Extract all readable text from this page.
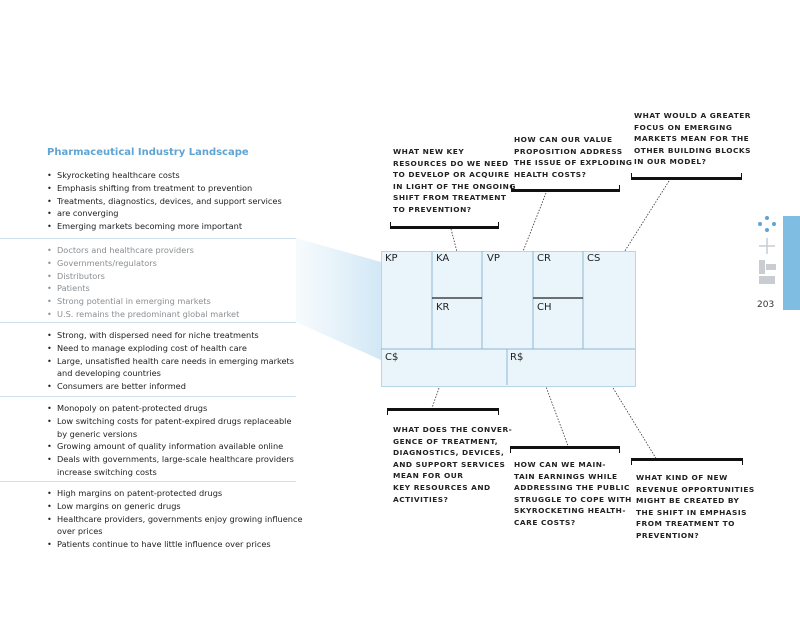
Pharmaceutical Industry Landscape
• Skyrocketing healthcare costs
• Emphasis shifting from treatment to prevention
• Treatments, diagnostics, devices, and support services
• are converging
• Emerging markets becoming more important
• Doctors and healthcare providers
• Governments/regulators
• Distributors
• Patients
• Strong potential in emerging markets
• U.S. remains the predominant global market
• Strong, with dispersed need for niche treatments
• Need to manage exploding cost of health care
• Large, unsatisfied health care needs in emerging markets
and developing countries
• Consumers are better informed
• Monopoly on patent-protected drugs
• Low switching costs for patent-expired drugs replaceable
by generic versions
• Growing amount of quality information available online
• Deals with governments, large-scale healthcare providers
increase switching costs
• High margins on patent-protected drugs
• Low margins on generic drugs
• Healthcare providers, governments enjoy growing influence
over prices
• Patients continue to have little influence over prices
KP	KA
KR
VP	CR
CH
CS
C$	R$
WHAT NEW KEY
RESOURCES DO WE NEED
TO DEVELOP OR ACQUIRE
IN LIGHT OF THE ONGOING
SHIFT FROM TREATMENT
TO PREVENTION?
HOW CAN OUR VALUE
PROPOSITION ADDRESS
THE ISSUE OF EXPLODING
HEALTH COSTS?
WHAT WOULD A GREATER
FOCUS ON EMERGING
MARKETS MEAN FOR THE
OTHER BUILDING BLOCKS
IN OUR MODEL?
WHAT DOES THE CONVER-
GENCE OF TREATMENT,
DIAGNOSTICS, DEVICES,
AND SUPPORT SERVICES
MEAN FOR OUR
KEY RESOURCES AND
ACTIVITIES?
HOW CAN WE MAIN-
TAIN EARNINGS WHILE
ADDRESSING THE PUBLIC
STRUGGLE TO COPE WITH
SKYROCKETING HEALTH-
CARE COSTS?
WHAT KIND OF NEW
REVENUE OPPORTUNITIES
MIGHT BE CREATED BY
THE SHIFT IN EMPHASIS
FROM TREATMENT TO
PREVENTION?
203
